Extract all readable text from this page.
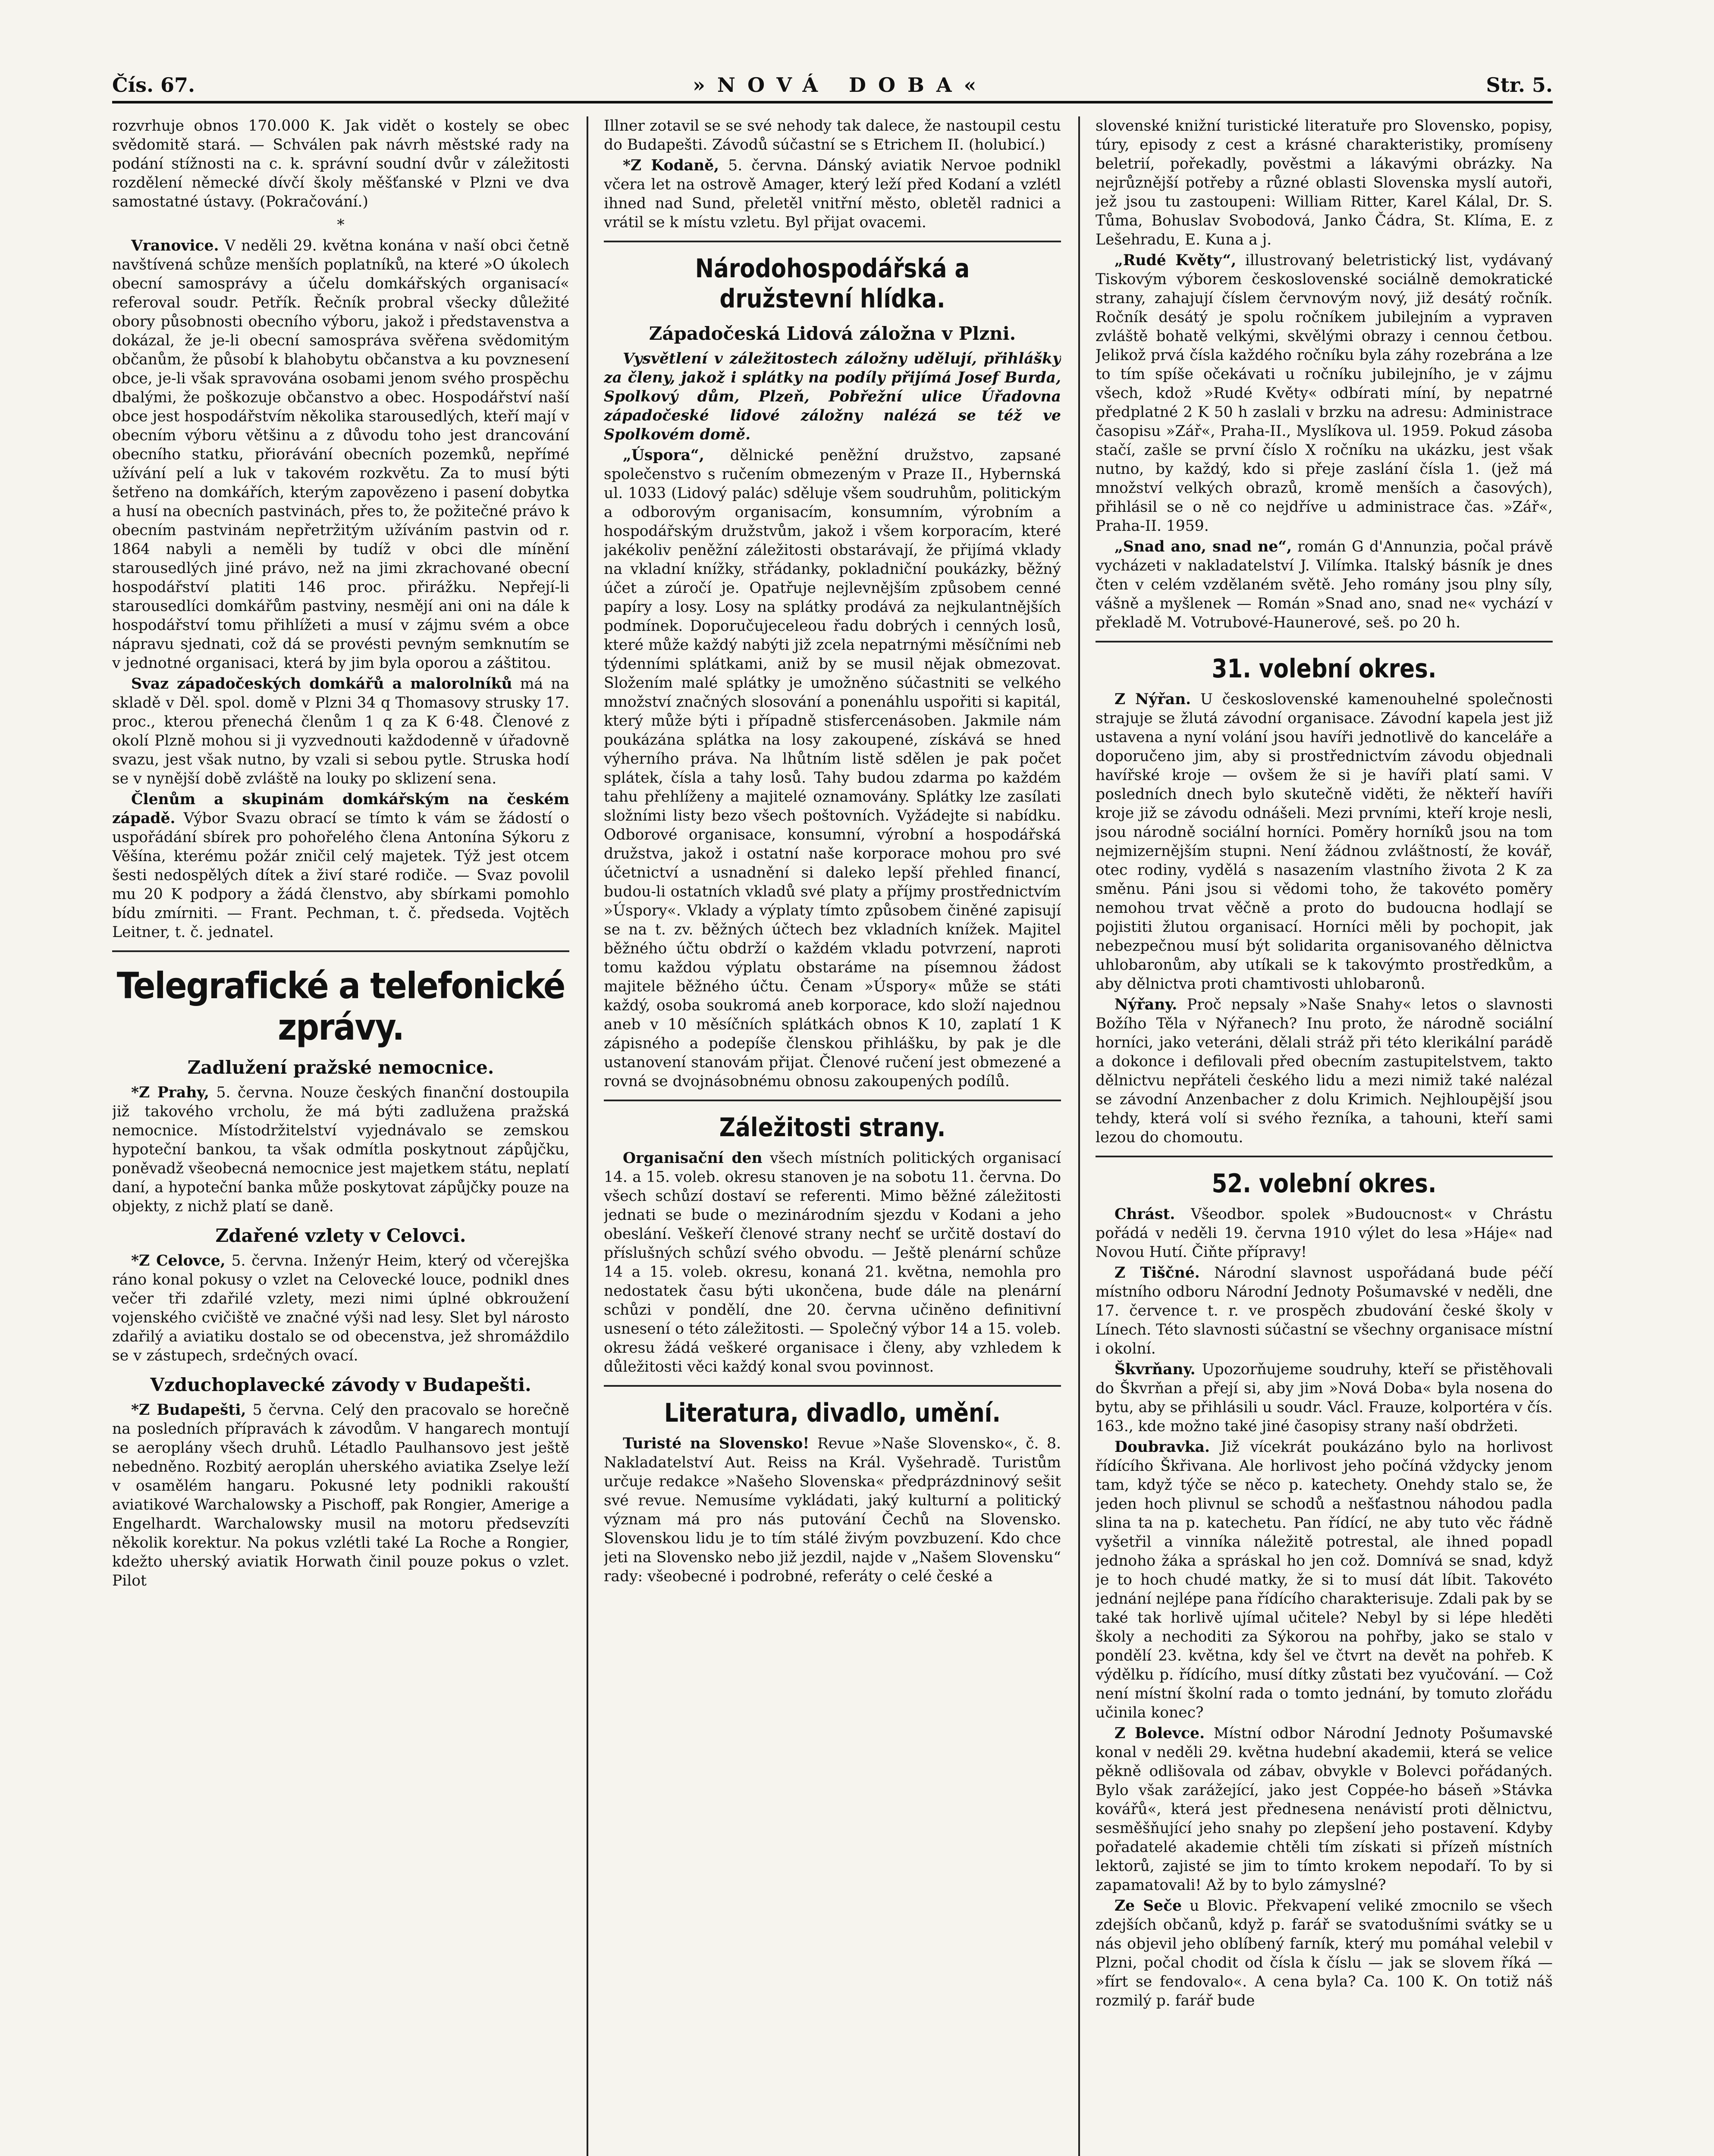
Čís. 67.	»NOVÁ DOBA«	Str. 5.

rozvrhuje obnos 170.000 K. Jak vidět o kostely se obec svědomitě stará. — Schválen pak návrh městské rady na podání stížnosti na c. k. správní soudní dvůr v záležitosti rozdělení německé dívčí školy měšťanské v Plzni ve dva samostatné ústavy. (Pokračování.)

*

Vranovice. V neděli 29. května konána v naší obci četně navštívená schůze menších poplatníků, na které »O úkolech obecní samosprávy a účelu domkářských organisací« referoval soudr. Petřík. Řečník probral všecky důležité obory působnosti obecního výboru, jakož i představenstva a dokázal, že je-li obecní samospráva svěřena svědomitým občanům, že působí k blahobytu občanstva a ku povznesení obce, je-li však spravována osobami jenom svého prospěchu dbalými, že poškozuje občanstvo a obec. Hospodářství naší obce jest hospodářstvím několika starousedlých, kteří mají v obecním výboru většinu a z důvodu toho jest drancování obecního statku, přiorávání obecních pozemků, nepřímé užívání pelí a luk v takovém rozkvětu. Za to musí býti šetřeno na domkářích, kterým zapovězeno i pasení dobytka a husí na obecních pastvinách, přes to, že požitečné právo k obecním pastvinám nepřetržitým užíváním pastvin od r. 1864 nabyli a neměli by tudíž v obci dle mínění starousedlých jiné právo, než na jimi zkrachované obecní hospodářství platiti 146 proc. přirážku. Nepřejí-li starousedlíci domkářům pastviny, nesmějí ani oni na dále k hospodářství tomu přihlížeti a musí v zájmu svém a obce nápravu sjednati, což dá se provésti pevným semknutím se v jednotné organisaci, která by jim byla oporou a záštitou.

Svaz západočeských domkářů a malorolníků má na skladě v Děl. spol. domě v Plzni 34 q Thomasovy strusky 17. proc., kterou přenechá členům 1 q za K 6·48. Členové z okolí Plzně mohou si ji vyzvednouti každodenně v úřadovně svazu, jest však nutno, by vzali si sebou pytle. Struska hodí se v nynější době zvláště na louky po sklizení sena.

Členům a skupinám domkářským na českém západě. Výbor Svazu obrací se tímto k vám se žádostí o uspořádání sbírek pro pohořelého člena Antonína Sýkoru z Věšína, kterému požár zničil celý majetek. Týž jest otcem šesti nedospělých dítek a živí staré rodiče. — Svaz povolil mu 20 K podpory a žádá členstvo, aby sbírkami pomohlo bídu zmírniti. — Frant. Pechman, t. č. předseda. Vojtěch Leitner, t. č. jednatel.

Telegrafické a telefonické zprávy.
Zadlužení pražské nemocnice.

*Z Prahy, 5. června. Nouze českých finanční dostoupila již takového vrcholu, že má býti zadlužena pražská nemocnice. Místodržitelství vyjednávalo se zemskou hypoteční bankou, ta však odmítla poskytnout zápůjčku, poněvadž všeobecná nemocnice jest majetkem státu, neplatí daní, a hypoteční banka může poskytovat zápůjčky pouze na objekty, z nichž platí se daně.

Zdařené vzlety v Celovci.

*Z Celovce, 5. června. Inženýr Heim, který od včerejška ráno konal pokusy o vzlet na Celovecké louce, podnikl dnes večer tři zdařilé vzlety, mezi nimi úplné obkroužení vojenského cvičiště ve značné výši nad lesy. Slet byl nárosto zdařilý a aviatiku dostalo se od obecenstva, jež shromáždilo se v zástupech, srdečných ovací.

Vzduchoplavecké závody v Budapešti.

*Z Budapešti, 5 června. Celý den pracovalo se horečně na posledních přípravách k závodům. V hangarech montují se aeroplány všech druhů. Létadlo Paulhansovo jest ještě nebedněno. Rozbitý aeroplán uherského aviatika Zselye leží v osamělém hangaru. Pokusné lety podnikli rakouští aviatikové Warchalowsky a Pischoff, pak Rongier, Amerige a Engelhardt. Warchalowsky musil na motoru předsevzíti několik korektur. Na pokus vzlétli také La Roche a Rongier, kdežto uherský aviatik Horwath činil pouze pokus o vzlet. Pilot

Illner zotavil se se své nehody tak dalece, že nastoupil cestu do Budapešti. Závodů súčastní se s Etrichem II. (holubicí.)

*Z Kodaně, 5. června. Dánský aviatik Nervoe podnikl včera let na ostrově Amager, který leží před Kodaní a vzlétl ihned nad Sund, přeletěl vnitřní město, obletěl radnici a vrátil se k místu vzletu. Byl přijat ovacemi.

Národohospodářská a družstevní hlídka.
Západočeská Lidová záložna v Plzni.

Vysvětlení v záležitostech záložny udělují, přihlášky za členy, jakož i splátky na podíly přijímá Josef Burda, Spolkový dům, Plzeň, Pobřežní ulice Úřadovna západočeské lidové záložny nalézá se též ve Spolkovém domě.

„Úspora“, dělnické peněžní družstvo, zapsané společenstvo s ručením obmezeným v Praze II., Hybernská ul. 1033 (Lidový palác) sděluje všem soudruhům, politickým a odborovým organisacím, konsumním, výrobním a hospodářským družstvům, jakož i všem korporacím, které jakékoliv peněžní záležitosti obstarávají, že přijímá vklady na vkladní knížky, střádanky, pokladniční poukázky, běžný účet a zúročí je. Opatřuje nejlevnějším způsobem cenné papíry a losy. Losy na splátky prodává za nejkulantnějších podmínek. Doporučujeceleou řadu dobrých i cenných losů, které může každý nabýti již zcela nepatrnými měsíčními neb týdenními splátkami, aniž by se musil nějak obmezovat. Složením malé splátky je umožněno súčastniti se velkého množství značných slosování a ponenáhlu uspořiti si kapitál, který může býti i případně stisfercenásoben. Jakmile nám poukázána splátka na losy zakoupené, získává se hned výherního práva. Na lhůtním listě sdělen je pak počet splátek, čísla a tahy losů. Tahy budou zdarma po každém tahu přehlíženy a majitelé oznamovány. Splátky lze zasílati složními listy bezo všech poštovních. Vyžádejte si nabídku. Odborové organisace, konsumní, výrobní a hospodářská družstva, jakož i ostatní naše korporace mohou pro své účetnictví a usnadnění si daleko lepší přehled financí, budou-li ostatních vkladů své platy a příjmy prostřednictvím »Úspory«. Vklady a výplaty tímto způsobem činěné zapisují se na t. zv. běžných účtech bez vkladních knížek. Majitel běžného účtu obdrží o každém vkladu potvrzení, naproti tomu každou výplatu obstaráme na písemnou žádost majitele běžného účtu. Čenam »Úspory« může se státi každý, osoba soukromá aneb korporace, kdo složí najednou aneb v 10 měsíčních splátkách obnos K 10, zaplatí 1 K zápisného a podepíše členskou přihlášku, by pak je dle ustanovení stanovám přijat. Členové ručení jest obmezené a rovná se dvojnásobnému obnosu zakoupených podílů.

Záležitosti strany.

Organisační den všech místních politických organisací 14. a 15. voleb. okresu stanoven je na sobotu 11. června. Do všech schůzí dostaví se referenti. Mimo běžné záležitosti jednati se bude o mezinárodním sjezdu v Kodani a jeho obeslání. Veškeří členové strany nechť se určitě dostaví do příslušných schůzí svého obvodu. — Ještě plenární schůze 14 a 15. voleb. okresu, konaná 21. května, nemohla pro nedostatek času býti ukončena, bude dále na plenární schůzi v pondělí, dne 20. června učiněno definitivní usnesení o této záležitosti. — Společný výbor 14 a 15. voleb. okresu žádá veškeré organisace i členy, aby vzhledem k důležitosti věci každý konal svou povinnost.

Literatura, divadlo, umění.

Turisté na Slovensko! Revue »Naše Slovensko«, č. 8. Nakladatelství Aut. Reiss na Král. Vyšehradě. Turistům určuje redakce »Našeho Slovenska« předprázdninový sešit své revue. Nemusíme vykládati, jaký kulturní a politický význam má pro nás putování Čechů na Slovensko. Slovenskou lidu je to tím stálé živým povzbuzení. Kdo chce jeti na Slovensko nebo již jezdil, najde v „Našem Slovensku“ rady: všeobecné i podrobné, referáty o celé české a

slovenské knižní turistické literatuře pro Slovensko, popisy, túry, episody z cest a krásné charakteristiky, promíseny beletrií, pořekadly, pověstmi a lákavými obrázky. Na nejrůznější potřeby a různé oblasti Slovenska myslí autoři, jež jsou tu zastoupeni: William Ritter, Karel Kálal, Dr. S. Tůma, Bohuslav Svobodová, Janko Čádra, St. Klíma, E. z Lešehradu, E. Kuna a j.

„Rudé Květy“, illustrovaný beletristický list, vydávaný Tiskovým výborem československé sociálně demokratické strany, zahajují číslem červnovým nový, již desátý ročník. Ročník desátý je spolu ročníkem jubilejním a vypraven zvláště bohatě velkými, skvělými obrazy i cennou četbou. Jelikož prvá čísla každého ročníku byla záhy rozebrána a lze to tím spíše očekávati u ročníku jubilejního, je v zájmu všech, kdož »Rudé Květy« odbírati míní, by nepatrné předplatné 2 K 50 h zaslali v brzku na adresu: Administrace časopisu »Zář«, Praha-II., Myslíkova ul. 1959. Pokud zásoba stačí, zašle se první číslo X ročníku na ukázku, jest však nutno, by každý, kdo si přeje zaslání čísla 1. (jež má množství velkých obrazů, kromě menších a časových), přihlásil se o ně co nejdříve u administrace čas. »Zář«, Praha-II. 1959.

„Snad ano, snad ne“, román G d'Annunzia, počal právě vycházeti v nakladatelství J. Vilímka. Italský básník je dnes čten v celém vzdělaném světě. Jeho romány jsou plny síly, vášně a myšlenek — Román »Snad ano, snad ne« vychází v překladě M. Votrubové-Haunerové, seš. po 20 h.

31. volební okres.

Z Nýřan. U československé kamenouhelné společnosti strajuje se žlutá závodní organisace. Závodní kapela jest již ustavena a nyní volání jsou havíři jednotlivě do kanceláře a doporučeno jim, aby si prostřednictvím závodu objednali havířské kroje — ovšem že si je havíři platí sami. V posledních dnech bylo skutečně viděti, že někteří havíři kroje již se závodu odnášeli. Mezi prvními, kteří kroje nesli, jsou národně sociální horníci. Poměry horníků jsou na tom nejmizernějším stupni. Není žádnou zvláštností, že kovář, otec rodiny, vydělá s nasazením vlastního života 2 K za směnu. Páni jsou si vědomi toho, že takovéto poměry nemohou trvat věčně a proto do budoucna hodlají se pojistiti žlutou organisací. Horníci měli by pochopit, jak nebezpečnou musí být solidarita organisovaného dělnictva uhlobaronům, aby utíkali se k takovýmto prostředkům, a aby dělnictva proti chamtivosti uhlobaronů.

Nýřany. Proč nepsaly »Naše Snahy« letos o slavnosti Božího Těla v Nýřanech? Inu proto, že národně sociální horníci, jako veteráni, dělali stráž při této klerikální parádě a dokonce i defilovali před obecním zastupitelstvem, takto dělnictvu nepřáteli českého lidu a mezi nimiž také nalézal se závodní Anzenbacher z dolu Krimich. Nejhloupější jsou tehdy, která volí si svého řezníka, a tahouni, kteří sami lezou do chomoutu.

52. volební okres.

Chrást. Všeodbor. spolek »Budoucnost« v Chrástu pořádá v neděli 19. června 1910 výlet do lesa »Háje« nad Novou Hutí. Čiňte přípravy!

Z Tiščné. Národní slavnost uspořádaná bude péčí místního odboru Národní Jednoty Pošumavské v neděli, dne 17. července t. r. ve prospěch zbudování české školy v Línech. Této slavnosti súčastní se všechny organisace místní i okolní.

Škvrňany. Upozorňujeme soudruhy, kteří se přistěhovali do Škvrňan a přejí si, aby jim »Nová Doba« byla nosena do bytu, aby se přihlásili u soudr. Václ. Frauze, kolportéra v čís. 163., kde možno také jiné časopisy strany naší obdržeti.

Doubravka. Již vícekrát poukázáno bylo na horlivost řídícího Škřivana. Ale horlivost jeho počíná vždycky jenom tam, když týče se něco p. katechety. Onehdy stalo se, že jeden hoch plivnul se schodů a nešťastnou náhodou padla slina ta na p. katechetu. Pan řídící, ne aby tuto věc řádně vyšetřil a vinníka náležitě potrestal, ale ihned popadl jednoho žáka a spráskal ho jen což. Domnívá se snad, když je to hoch chudé matky, že si to musí dát líbit. Takovéto jednání nejlépe pana řídícího charakterisuje. Zdali pak by se také tak horlivě ujímal učitele? Nebyl by si lépe hleděti školy a nechoditi za Sýkorou na pohřby, jako se stalo v pondělí 23. května, kdy šel ve čtvrt na devět na pohřeb. K výdělku p. řídícího, musí dítky zůstati bez vyučování. — Což není místní školní rada o tomto jednání, by tomuto zlořádu učinila konec?

Z Bolevce. Místní odbor Národní Jednoty Pošumavské konal v neděli 29. května hudební akademii, která se velice pěkně odlišovala od zábav, obvykle v Bolevci pořádaných. Bylo však zarážející, jako jest Coppée-ho báseň »Stávka kovářů«, která jest přednesena nenávistí proti dělnictvu, sesměšňující jeho snahy po zlepšení jeho postavení. Kdyby pořadatelé akademie chtěli tím získati si přízeň místních lektorů, zajisté se jim to tímto krokem nepodaří. To by si zapamatovali! Až by to bylo zámyslné?

Ze Seče u Blovic. Překvapení veliké zmocnilo se všech zdejších občanů, když p. farář se svatodušními svátky se u nás objevil jeho oblíbený farník, který mu pomáhal velebil v Plzni, počal chodit od čísla k číslu — jak se slovem říká — »fírt se fendovalo«. A cena byla? Ca. 100 K. On totiž náš rozmilý p. farář bude
